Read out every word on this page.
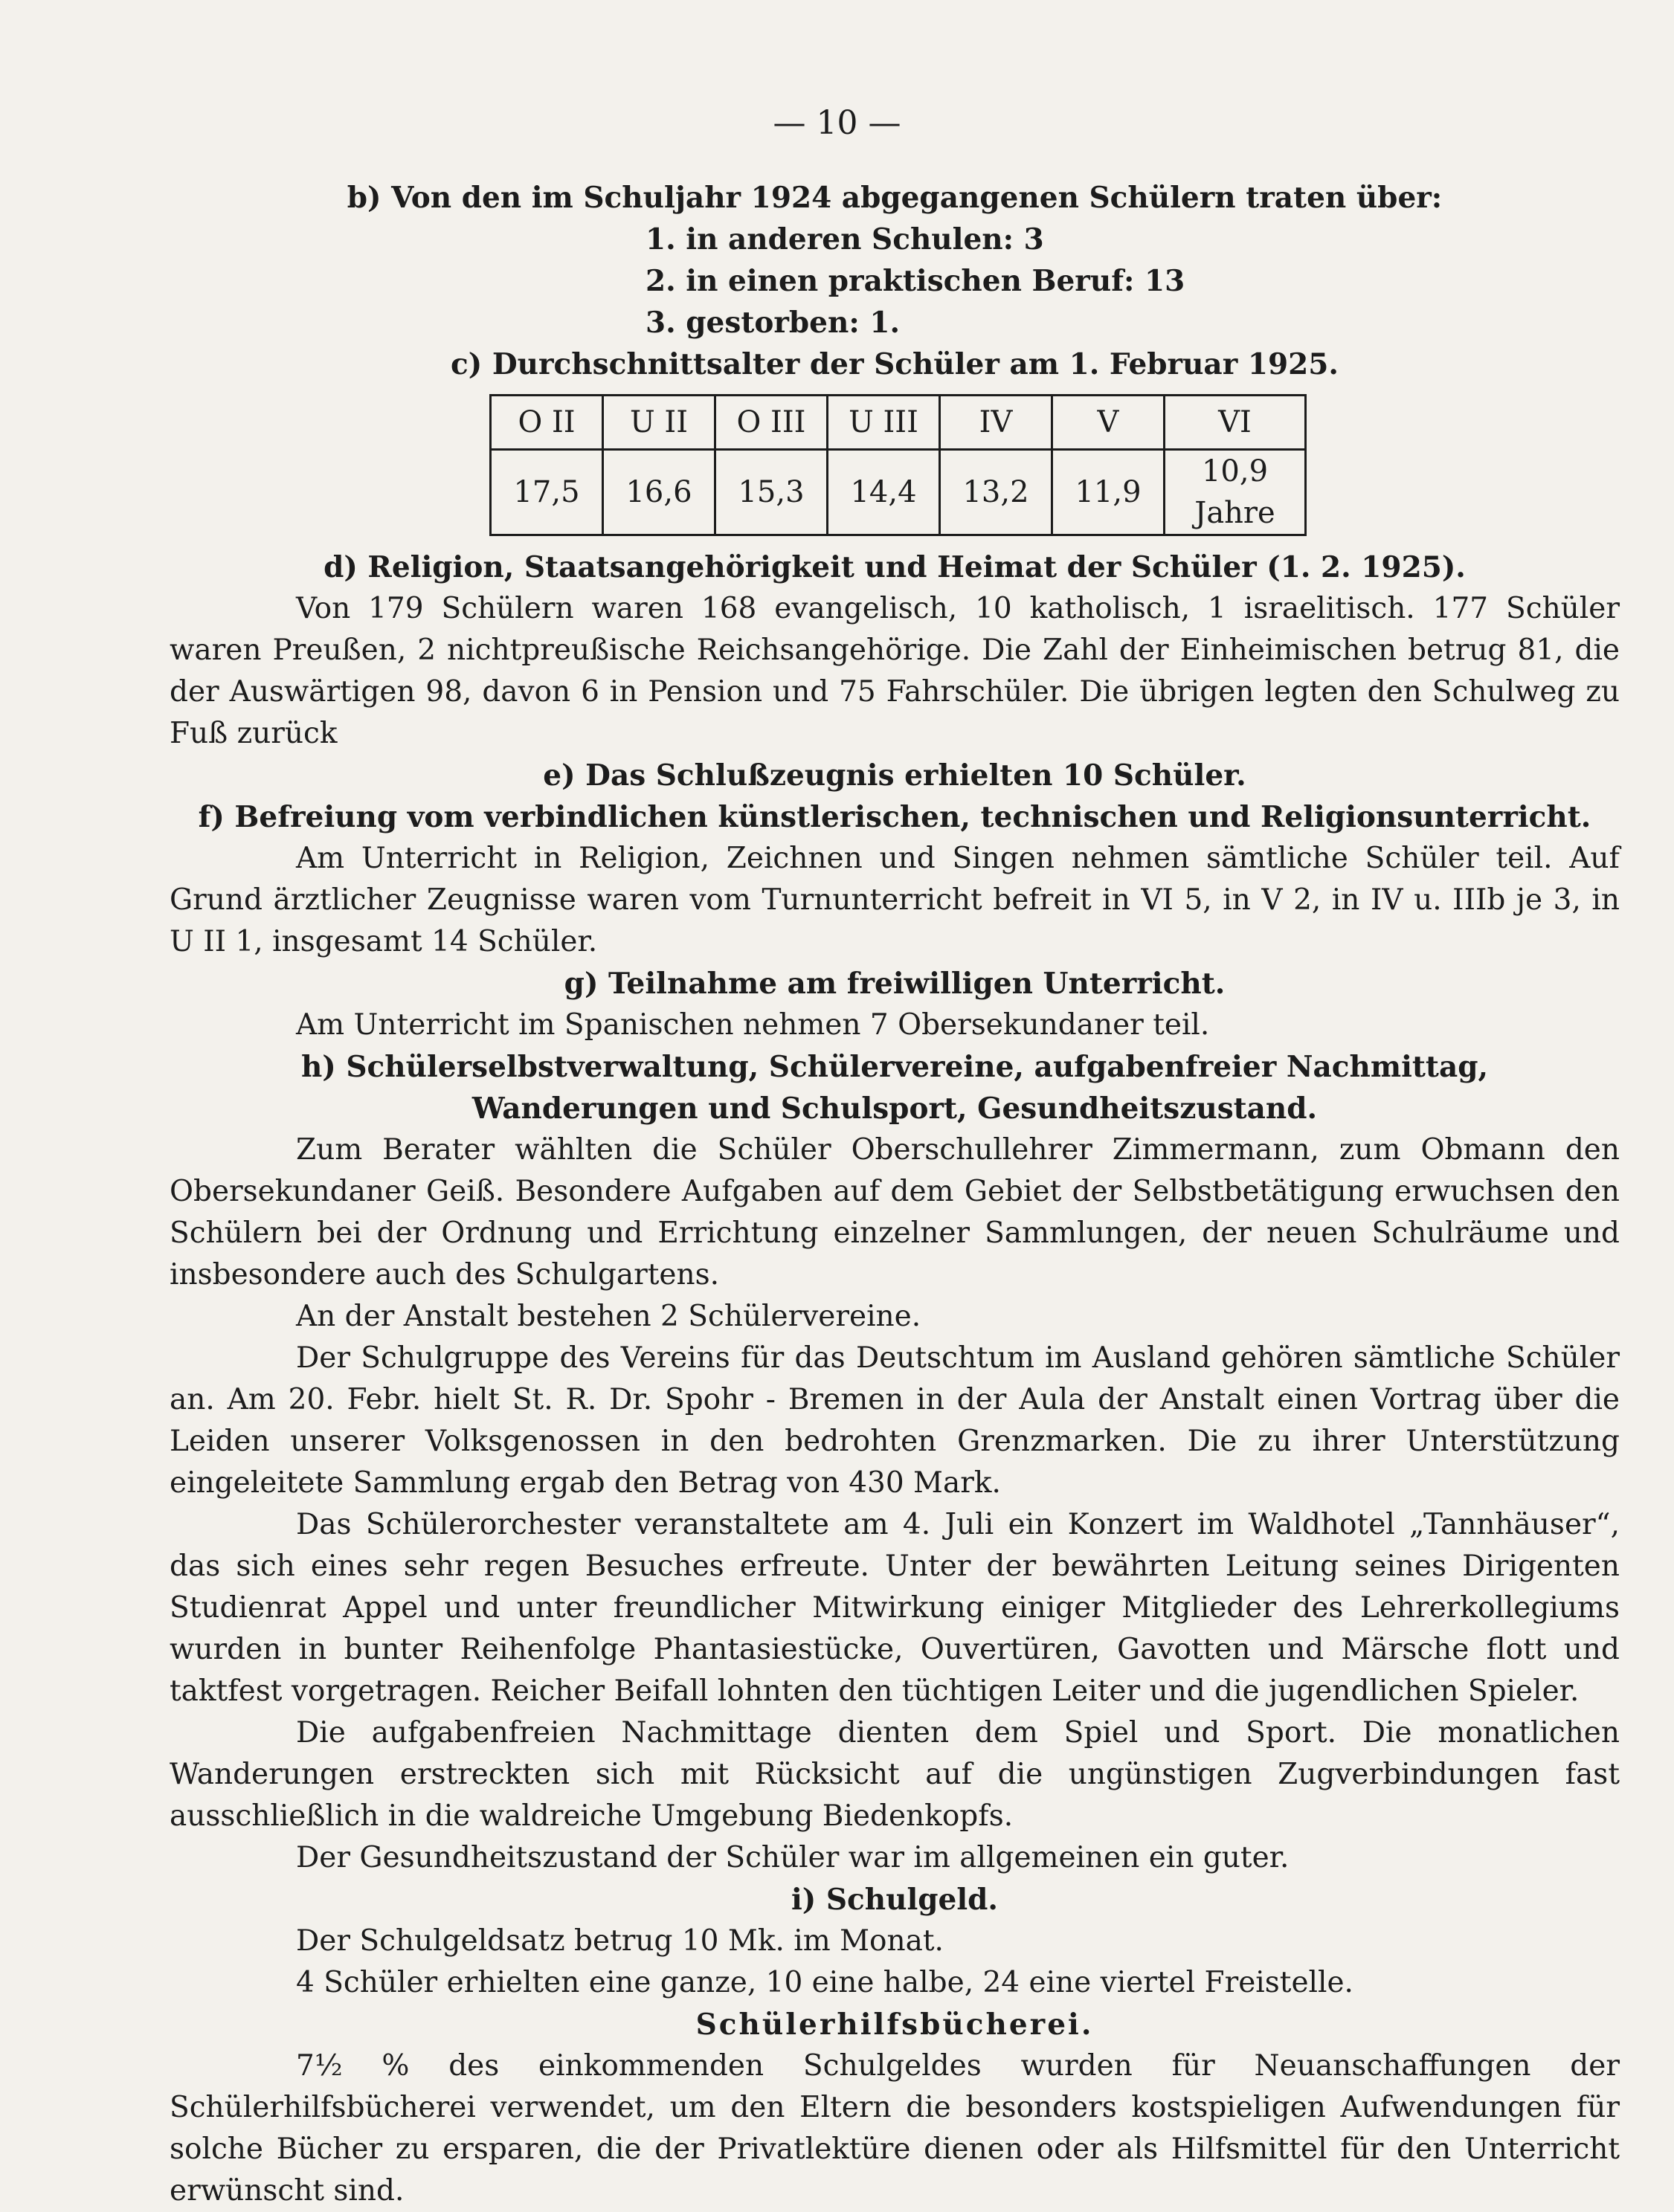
— 10 —
b) Von den im Schuljahr 1924 abgegangenen Schülern traten über:
1. in anderen Schulen: 3
2. in einen praktischen Beruf: 13
3. gestorben: 1.
c) Durchschnittsalter der Schüler am 1. Februar 1925.
O II	U II	O III	U III	IV	V	VI
17,5	16,6	15,3	14,4	13,2	11,9	10,9 Jahre
d) Religion, Staatsangehörigkeit und Heimat der Schüler (1. 2. 1925).

Von 179 Schülern waren 168 evangelisch, 10 katholisch, 1 israelitisch. 177 Schüler waren Preußen, 2 nichtpreußische Reichsangehörige. Die Zahl der Einheimischen betrug 81, die der Auswärtigen 98, davon 6 in Pension und 75 Fahrschüler. Die übrigen legten den Schulweg zu Fuß zurück

e) Das Schlußzeugnis erhielten 10 Schüler.
f) Befreiung vom verbindlichen künstlerischen, technischen und Religionsunterricht.

Am Unterricht in Religion, Zeichnen und Singen nehmen sämtliche Schüler teil. Auf Grund ärztlicher Zeugnisse waren vom Turnunterricht befreit in VI 5, in V 2, in IV u. IIIb je 3, in U II 1, insgesamt 14 Schüler.

g) Teilnahme am freiwilligen Unterricht.

Am Unterricht im Spanischen nehmen 7 Obersekundaner teil.

h) Schülerselbstverwaltung, Schülervereine, aufgabenfreier Nachmittag,
Wanderungen und Schulsport, Gesundheitszustand.

Zum Berater wählten die Schüler Oberschullehrer Zimmermann, zum Obmann den Obersekundaner Geiß. Besondere Aufgaben auf dem Gebiet der Selbstbetätigung erwuchsen den Schülern bei der Ordnung und Errichtung einzelner Sammlungen, der neuen Schulräume und insbesondere auch des Schulgartens.

An der Anstalt bestehen 2 Schülervereine.

Der Schulgruppe des Vereins für das Deutschtum im Ausland gehören sämtliche Schüler an. Am 20. Febr. hielt St. R. Dr. Spohr - Bremen in der Aula der Anstalt einen Vortrag über die Leiden unserer Volksgenossen in den bedrohten Grenzmarken. Die zu ihrer Unterstützung eingeleitete Sammlung ergab den Betrag von 430 Mark.

Das Schülerorchester veranstaltete am 4. Juli ein Konzert im Waldhotel „Tannhäuser“, das sich eines sehr regen Besuches erfreute. Unter der bewährten Leitung seines Dirigenten Studienrat Appel und unter freundlicher Mitwirkung einiger Mitglieder des Lehrerkollegiums wurden in bunter Reihenfolge Phantasiestücke, Ouvertüren, Gavotten und Märsche flott und taktfest vorgetragen. Reicher Beifall lohnten den tüchtigen Leiter und die jugendlichen Spieler.

Die aufgabenfreien Nachmittage dienten dem Spiel und Sport. Die monatlichen Wanderungen erstreckten sich mit Rücksicht auf die ungünstigen Zugverbindungen fast ausschließlich in die waldreiche Umgebung Biedenkopfs.

Der Gesundheitszustand der Schüler war im allgemeinen ein guter.

i) Schulgeld.

Der Schulgeldsatz betrug 10 Mk. im Monat.

4 Schüler erhielten eine ganze, 10 eine halbe, 24 eine viertel Freistelle.

Schülerhilfsbücherei.

7½ % des einkommenden Schulgeldes wurden für Neuanschaffungen der Schülerhilfsbücherei verwendet, um den Eltern die besonders kostspieligen Aufwendungen für solche Bücher zu ersparen, die der Privatlektüre dienen oder als Hilfsmittel für den Unterricht erwünscht sind.
